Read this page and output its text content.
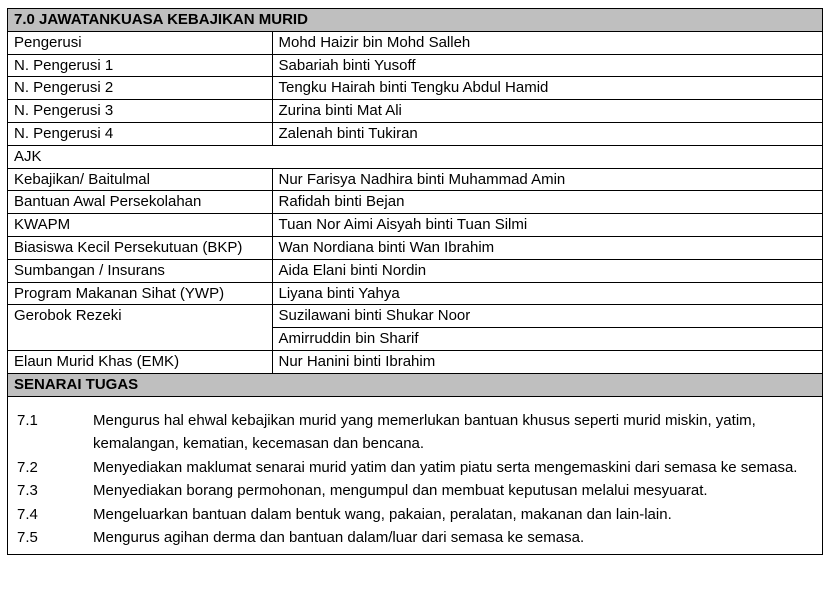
7.0 JAWATANKUASA KEBAJIKAN MURID	
Pengerusi	Mohd Haizir bin Mohd Salleh
N. Pengerusi 1	Sabariah binti Yusoff
N. Pengerusi 2	Tengku Hairah binti Tengku Abdul Hamid
N. Pengerusi 3	Zurina binti Mat Ali
N. Pengerusi 4	Zalenah binti Tukiran
AJK	
Kebajikan/ Baitulmal	Nur Farisya Nadhira binti Muhammad Amin
Bantuan Awal Persekolahan	Rafidah binti Bejan
KWAPM	Tuan Nor Aimi Aisyah binti Tuan Silmi
Biasiswa Kecil Persekutuan (BKP)	Wan Nordiana binti Wan Ibrahim
Sumbangan / Insurans	Aida Elani binti Nordin
Program Makanan Sihat (YWP)	Liyana binti Yahya
Gerobok Rezeki	Suzilawani binti Shukar Noor
	Amirruddin bin Sharif
Elaun Murid Khas (EMK)	Nur Hanini binti Ibrahim
SENARAI TUGAS	
7.1	Mengurus hal ehwal kebajikan murid yang memerlukan bantuan khusus seperti murid miskin, yatim, kemalangan, kematian, kecemasan dan bencana.
7.2	Menyediakan maklumat senarai murid yatim dan yatim piatu serta mengemaskini dari semasa ke semasa.
7.3	Menyediakan borang permohonan, mengumpul dan membuat keputusan melalui mesyuarat.
7.4	Mengeluarkan bantuan dalam bentuk wang, pakaian, peralatan, makanan dan lain-lain.
7.5	Mengurus agihan derma dan bantuan dalam/luar dari semasa ke semasa.
